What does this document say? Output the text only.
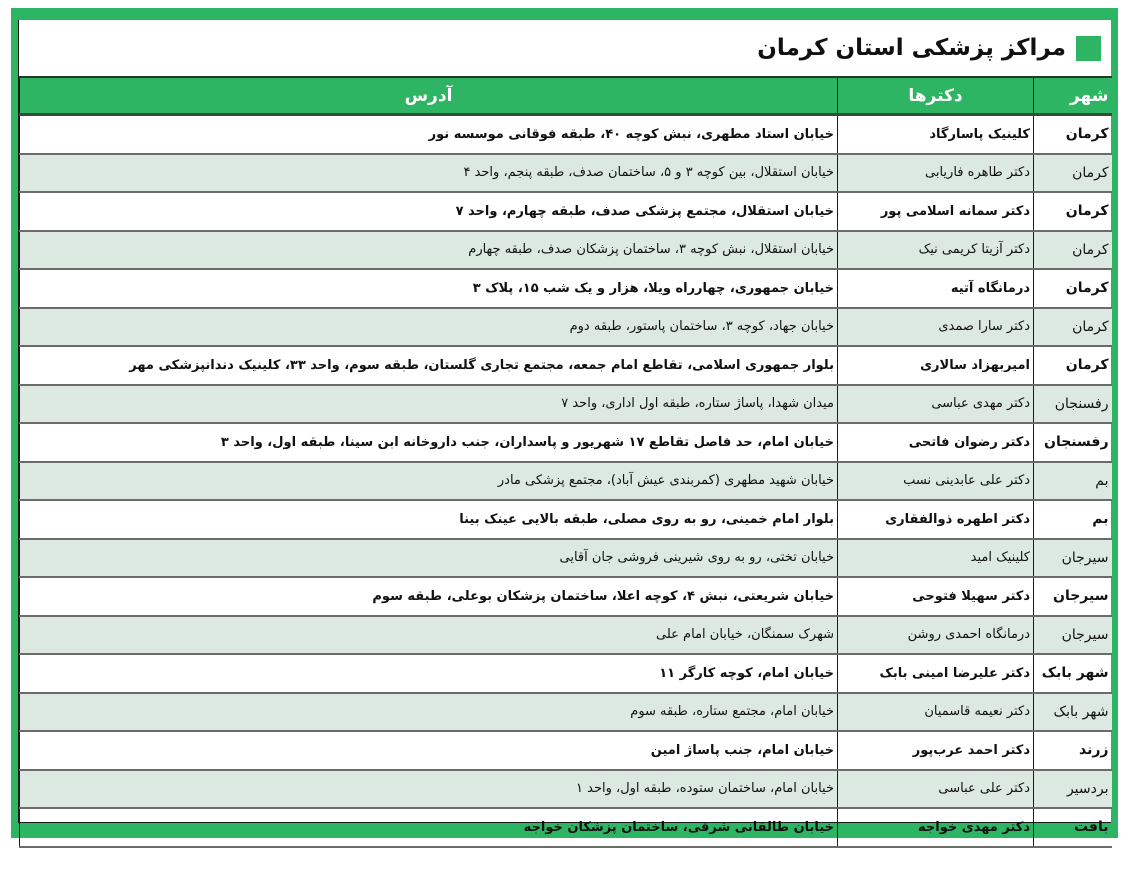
مراکز پزشکی استان کرمان
شهر	دکترها	آدرس
کرمان	کلینیک پاسارگاد	خیابان استاد مطهری، نبش کوچه ۴۰، طبقه فوقانی موسسه نور
کرمان	دکتر طاهره فاریابی	خیابان استقلال، بین کوچه ۳ و ۵، ساختمان صدف، طبقه پنجم، واحد ۴
کرمان	دکتر سمانه اسلامی پور	خیابان استقلال، مجتمع پزشکی صدف، طبقه چهارم، واحد ۷
کرمان	دکتر آزیتا کریمی نیک	خیابان استقلال، نبش کوچه ۳، ساختمان پزشکان صدف، طبقه چهارم
کرمان	درمانگاه آتیه	خیابان جمهوری، چهارراه ویلا، هزار و یک شب ۱۵، پلاک ۳
کرمان	دکتر سارا صمدی	خیابان جهاد، کوچه ۳، ساختمان پاستور، طبقه دوم
کرمان	امیربهزاد سالاری	بلوار جمهوری اسلامی، تقاطع امام جمعه، مجتمع تجاری گلستان، طبقه سوم، واحد ۳۳، کلینیک دندانپزشکی مهر
رفسنجان	دکتر مهدی عباسی	میدان شهدا، پاساژ ستاره، طبقه اول اداری، واحد ۷
رفسنجان	دکتر رضوان فاتحی	خیابان امام، حد فاصل تقاطع ۱۷ شهریور و پاسداران، جنب داروخانه ابن سینا، طبقه اول، واحد ۳
بم	دکتر علی عابدینی نسب	خیابان شهید مطهری (کمربندی عیش آباد)، مجتمع پزشکی مادر
بم	دکتر اطهره ذوالفقاری	بلوار امام خمینی، رو به روی مصلی، طبقه بالایی عینک بینا
سیرجان	کلینیک امید	خیابان تختی، رو به روی شیرینی فروشی جان آقایی
سیرجان	دکتر سهیلا فتوحی	خیابان شریعتی، نبش ۴، کوچه اعلا، ساختمان پزشکان بوعلی، طبقه سوم
سیرجان	درمانگاه احمدی روشن	شهرک سمنگان، خیابان امام علی
شهر بابک	دکتر علیرضا امینی بابک	خیابان امام، کوچه کارگر ۱۱
شهر بابک	دکتر نعیمه قاسمیان	خیابان امام، مجتمع ستاره، طبقه سوم
زرند	دکتر احمد عرب‌پور	خیابان امام، جنب پاساژ امین
بردسیر	دکتر علی عباسی	خیابان امام، ساختمان ستوده، طبقه اول، واحد ۱
بافت	دکتر مهدی خواجه	خیابان طالقانی شرقی، ساختمان پزشکان خواجه
